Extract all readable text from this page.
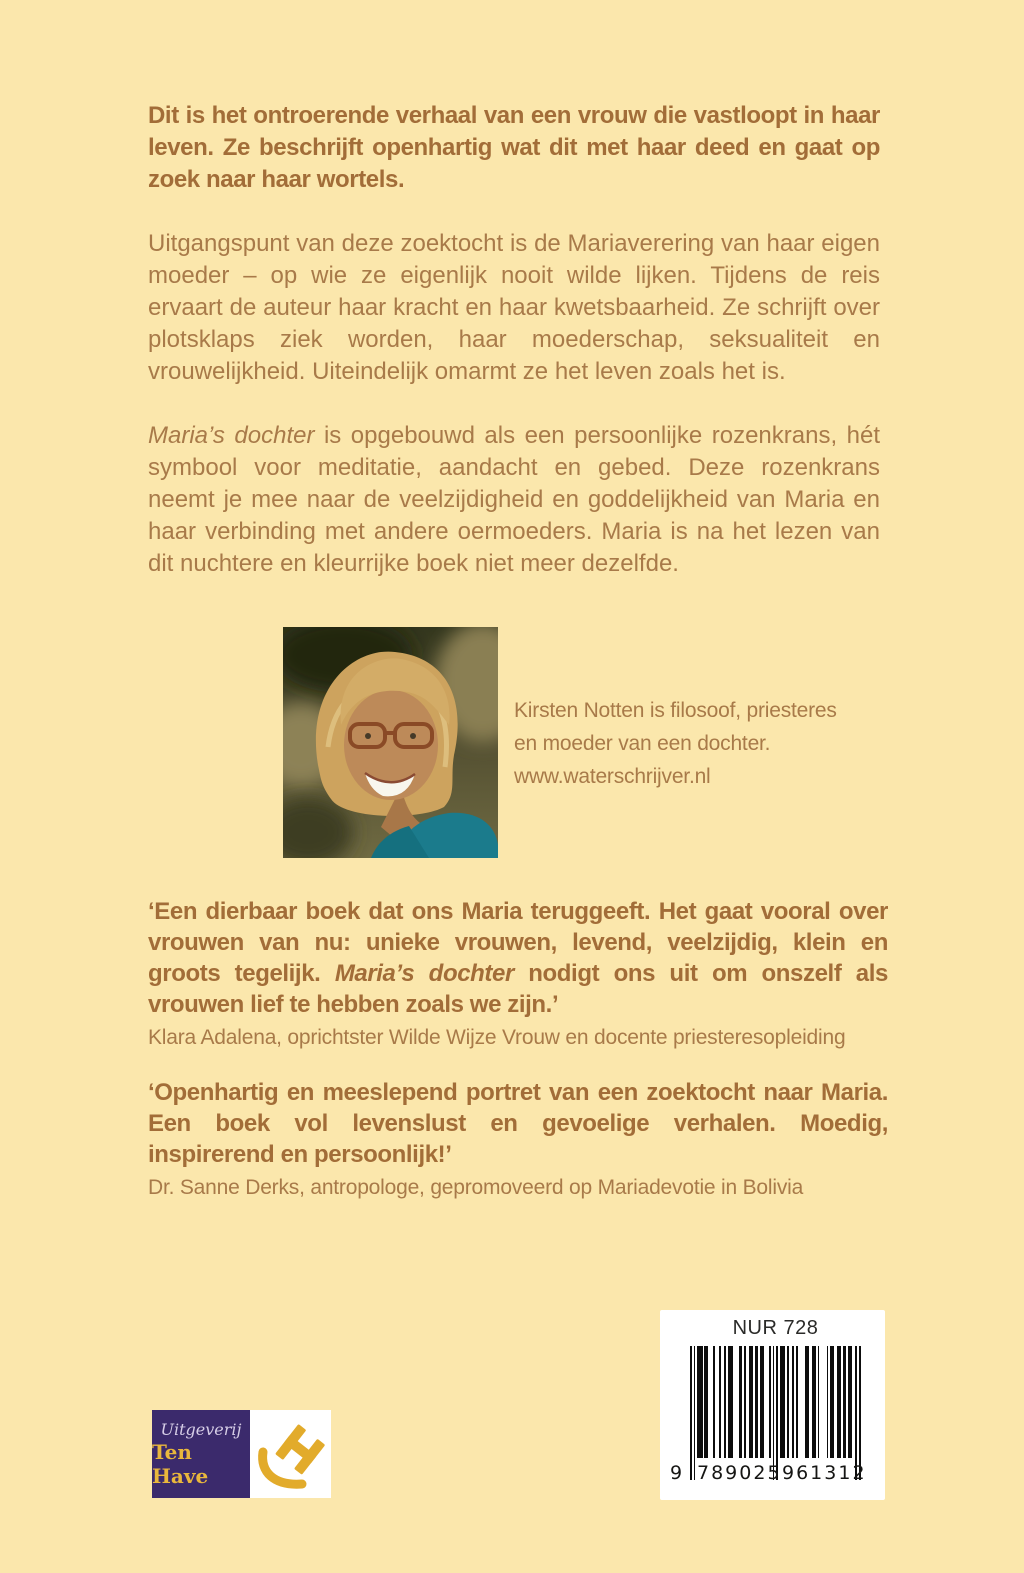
Dit is het ontroerende verhaal van een vrouw die vastloopt in haar leven. Ze beschrijft openhartig wat dit met haar deed en gaat op zoek naar haar wortels.

Uitgangspunt van deze zoektocht is de Mariaverering van haar eigen moeder – op wie ze eigenlijk nooit wilde lijken. Tijdens de reis ervaart de auteur haar kracht en haar kwetsbaarheid. Ze schrijft over plotsklaps ziek worden, haar moederschap, seksualiteit en vrouwelijkheid. Uiteindelijk omarmt ze het leven zoals het is.

Maria’s dochter is opgebouwd als een persoonlijke rozenkrans, hét symbool voor meditatie, aandacht en gebed. Deze rozenkrans neemt je mee naar de veelzijdigheid en goddelijkheid van Maria en haar verbinding met andere oermoeders. Maria is na het lezen van dit nuchtere en kleurrijke boek niet meer dezelfde.

Kirsten Notten is filosoof, priesteres
en moeder van een dochter.
www.waterschrijver.nl

‘Een dierbaar boek dat ons Maria teruggeeft. Het gaat vooral over vrouwen van nu: unieke vrouwen, levend, veelzijdig, klein en groots tegelijk. Maria’s dochter nodigt ons uit om onszelf als vrouwen lief te hebben zoals we zijn.’

Klara Adalena, oprichtster Wilde Wijze Vrouw en docente priesteresopleiding

‘Openhartig en meeslepend portret van een zoektocht naar Maria. Een boek vol levenslust en gevoelige verhalen. Moedig, inspirerend en persoonlijk!’

Dr. Sanne Derks, antropologe, gepromoveerd op Mariadevotie in Bolivia

NUR 728
9 789025 961312
Uitgeverij
Ten Have
